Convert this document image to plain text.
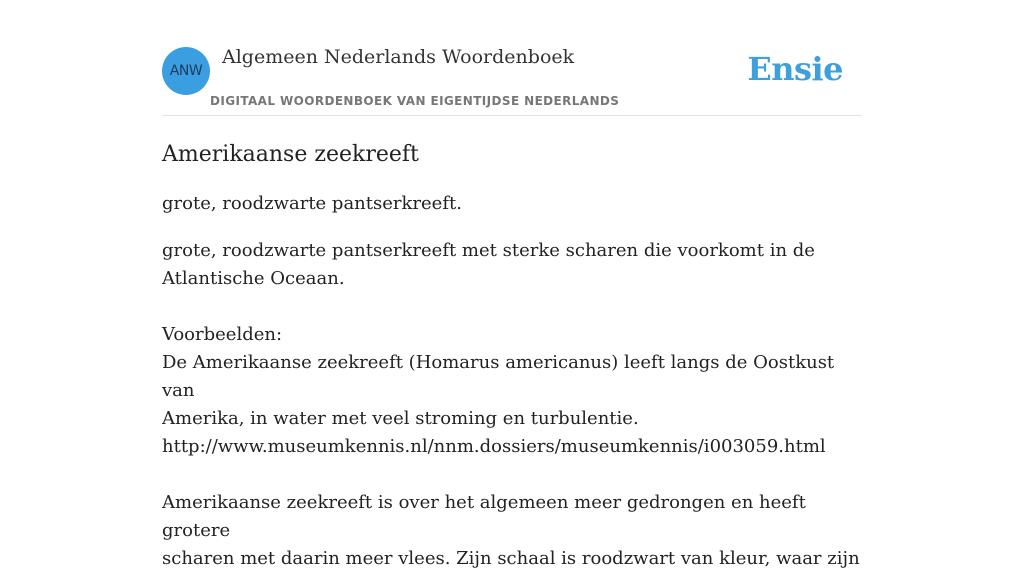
ANW
Algemeen Nederlands Woordenboek	Ensie
DIGITAAL WOORDENBOEK VAN EIGENTIJDSE NEDERLANDS
Amerikaanse zeekreeft

grote, roodzwarte pantserkreeft.

grote, roodzwarte pantserkreeft met sterke scharen die voorkomt in de
Atlantische Oceaan.
Voorbeelden:
De Amerikaanse zeekreeft (Homarus americanus) leeft langs de Oostkust van
Amerika, in water met veel stroming en turbulentie.
http://www.museumkennis.nl/nnm.dossiers/museumkennis/i003059.html
Amerikaanse zeekreeft is over het algemeen meer gedrongen en heeft grotere
scharen met daarin meer vlees. Zijn schaal is roodzwart van kleur, waar zijn
